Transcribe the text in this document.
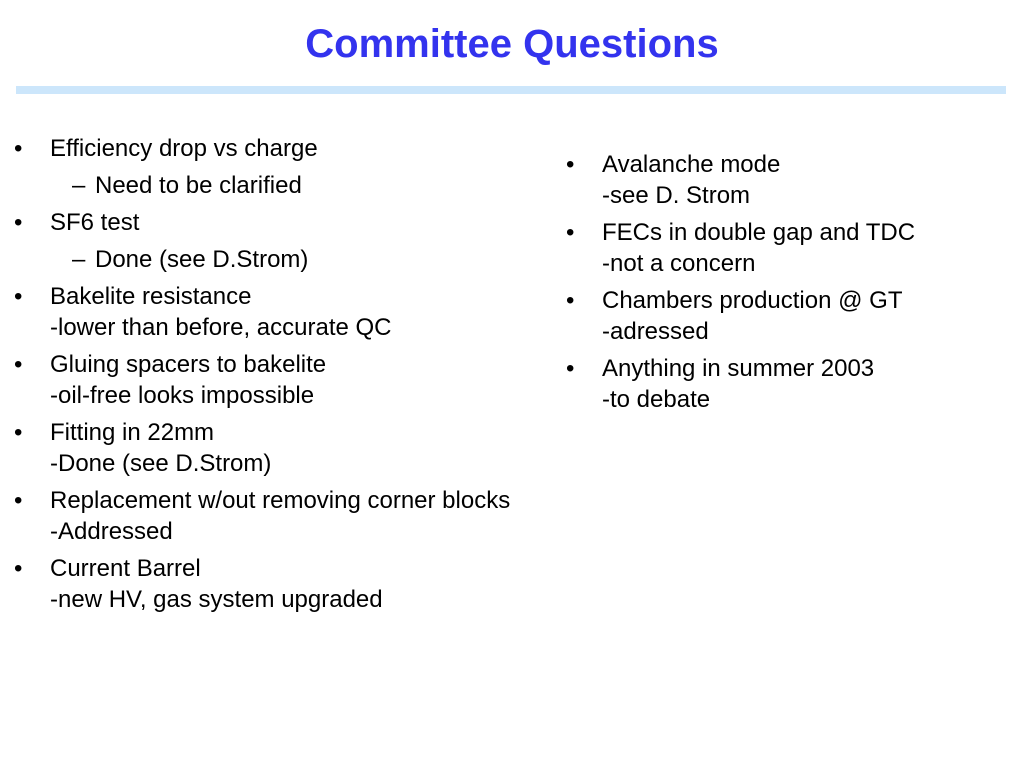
Committee Questions
•	Efficiency drop vs charge
– Need to be clarified
•	SF6 test
– Done (see D.Strom)
•	Bakelite resistance
-lower than before, accurate QC
•	Gluing spacers to bakelite
-oil-free looks impossible
•	Fitting in 22mm
-Done (see D.Strom)
•	Replacement w/out removing corner blocks
-Addressed
•	Current Barrel
-new HV, gas system upgraded
•	Avalanche mode
-see D. Strom
•	FECs in double gap and TDC
-not a concern
•	Chambers production @ GT
-adressed
•	Anything in summer 2003
-to debate
